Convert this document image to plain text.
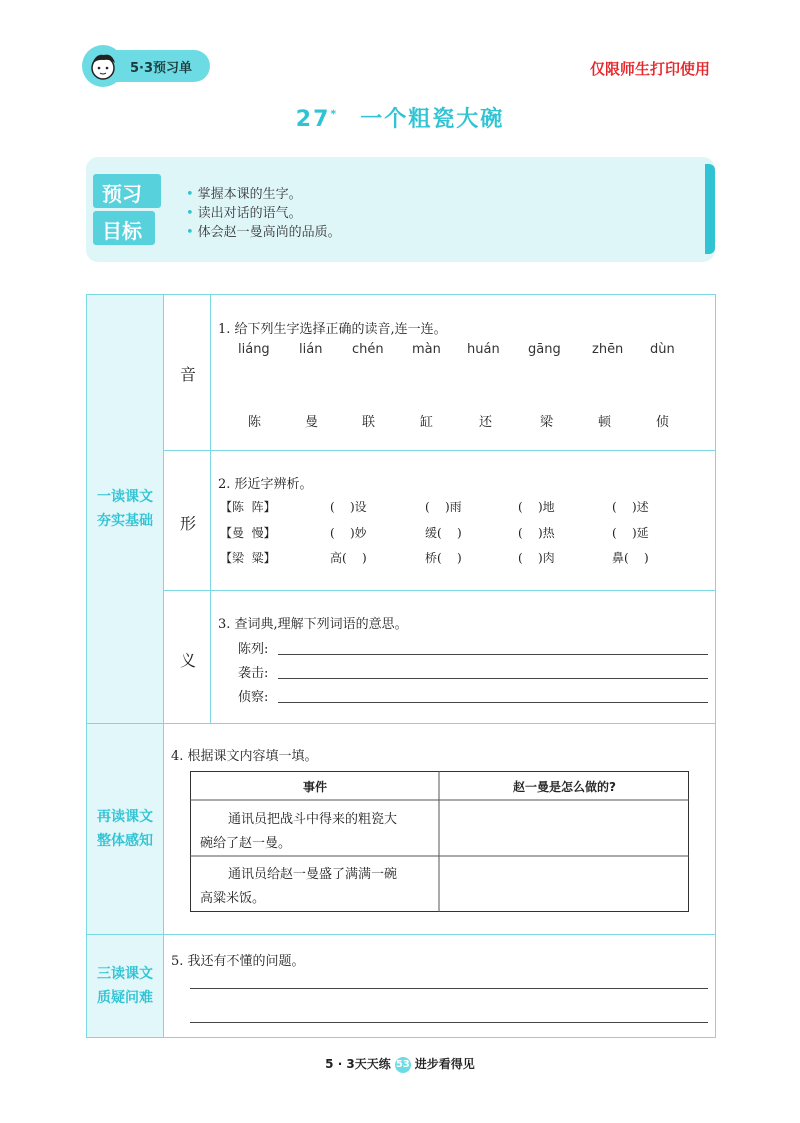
5·3预习单	仅限师生打印使用
27* 一个粗瓷大碗
预习
目标
• 掌握本课的生字。
• 读出对话的语气。
• 体会赵一曼高尚的品质。
一读课文
夯实基础
音
1. 给下列生字选择正确的读音,连一连。
liáng lián chén màn huán gāng zhēn dùn
陈	曼	联	缸	还	梁	顿	侦
形
2. 形近字辨析。
【陈  阵】	(    )设	(    )雨	(    )地	(    )述
【曼  慢】	(    )妙	缓(    )	(    )热	(    )延
【梁  粱】	高(    )	桥(    )	(    )肉	鼻(    )
义
3. 查词典,理解下列词语的意思。
陈列:
袭击:
侦察:
再读课文
整体感知
4. 根据课文内容填一填。
事件	赵一曼是怎么做的?
通讯员把战斗中得来的粗瓷大
碗给了赵一曼。
通讯员给赵一曼盛了满满一碗
高粱米饭。
三读课文
质疑问难
5. 我还有不懂的问题。
5 · 3天天练 53 进步看得见
